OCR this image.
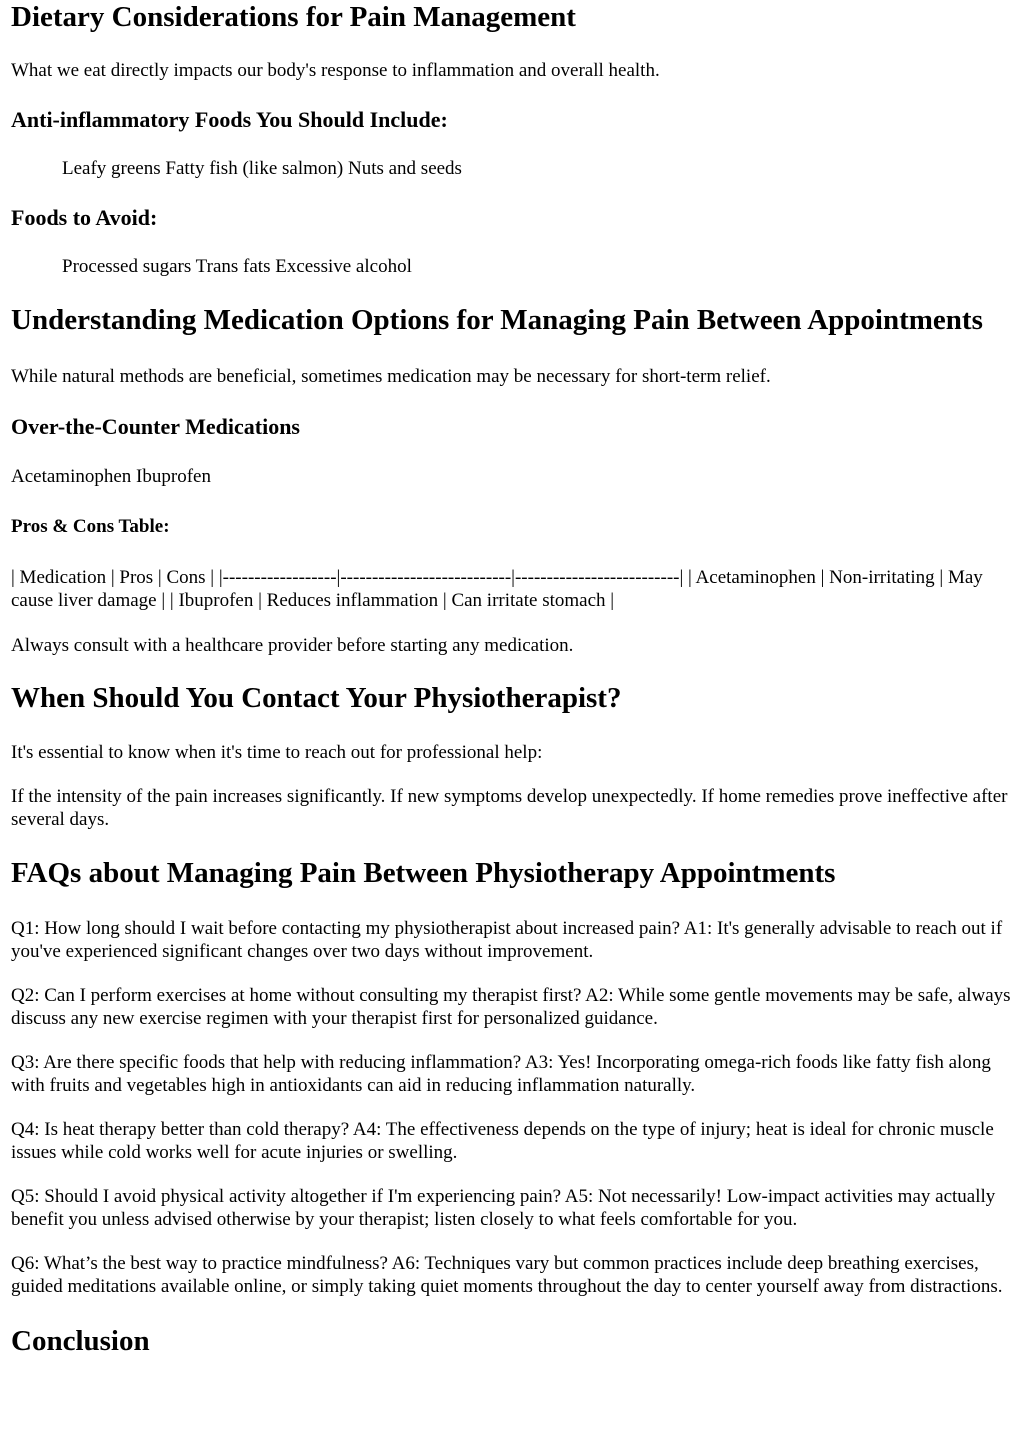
Dietary Considerations for Pain Management

What we eat directly impacts our body's response to inflammation and overall health.

Anti-inflammatory Foods You Should Include:

Leafy greens Fatty fish (like salmon) Nuts and seeds

Foods to Avoid:

Processed sugars Trans fats Excessive alcohol

Understanding Medication Options for Managing Pain Between Appointments

While natural methods are beneficial, sometimes medication may be necessary for short-term relief.

Over-the-Counter Medications

Acetaminophen Ibuprofen

Pros & Cons Table:

| Medication | Pros | Cons | |------------------|---------------------------|--------------------------| | Acetaminophen | Non-irritating | May cause liver damage | | Ibuprofen | Reduces inflammation | Can irritate stomach |

Always consult with a healthcare provider before starting any medication.

When Should You Contact Your Physiotherapist?

It's essential to know when it's time to reach out for professional help:

If the intensity of the pain increases significantly. If new symptoms develop unexpectedly. If home remedies prove ineffective after several days.

FAQs about Managing Pain Between Physiotherapy Appointments

Q1: How long should I wait before contacting my physiotherapist about increased pain? A1: It's generally advisable to reach out if you've experienced significant changes over two days without improvement.

Q2: Can I perform exercises at home without consulting my therapist first? A2: While some gentle movements may be safe, always discuss any new exercise regimen with your therapist first for personalized guidance.

Q3: Are there specific foods that help with reducing inflammation? A3: Yes! Incorporating omega-rich foods like fatty fish along with fruits and vegetables high in antioxidants can aid in reducing inflammation naturally.

Q4: Is heat therapy better than cold therapy? A4: The effectiveness depends on the type of injury; heat is ideal for chronic muscle issues while cold works well for acute injuries or swelling.

Q5: Should I avoid physical activity altogether if I'm experiencing pain? A5: Not necessarily! Low-impact activities may actually benefit you unless advised otherwise by your therapist; listen closely to what feels comfortable for you.

Q6: What’s the best way to practice mindfulness? A6: Techniques vary but common practices include deep breathing exercises, guided meditations available online, or simply taking quiet moments throughout the day to center yourself away from distractions.

Conclusion
